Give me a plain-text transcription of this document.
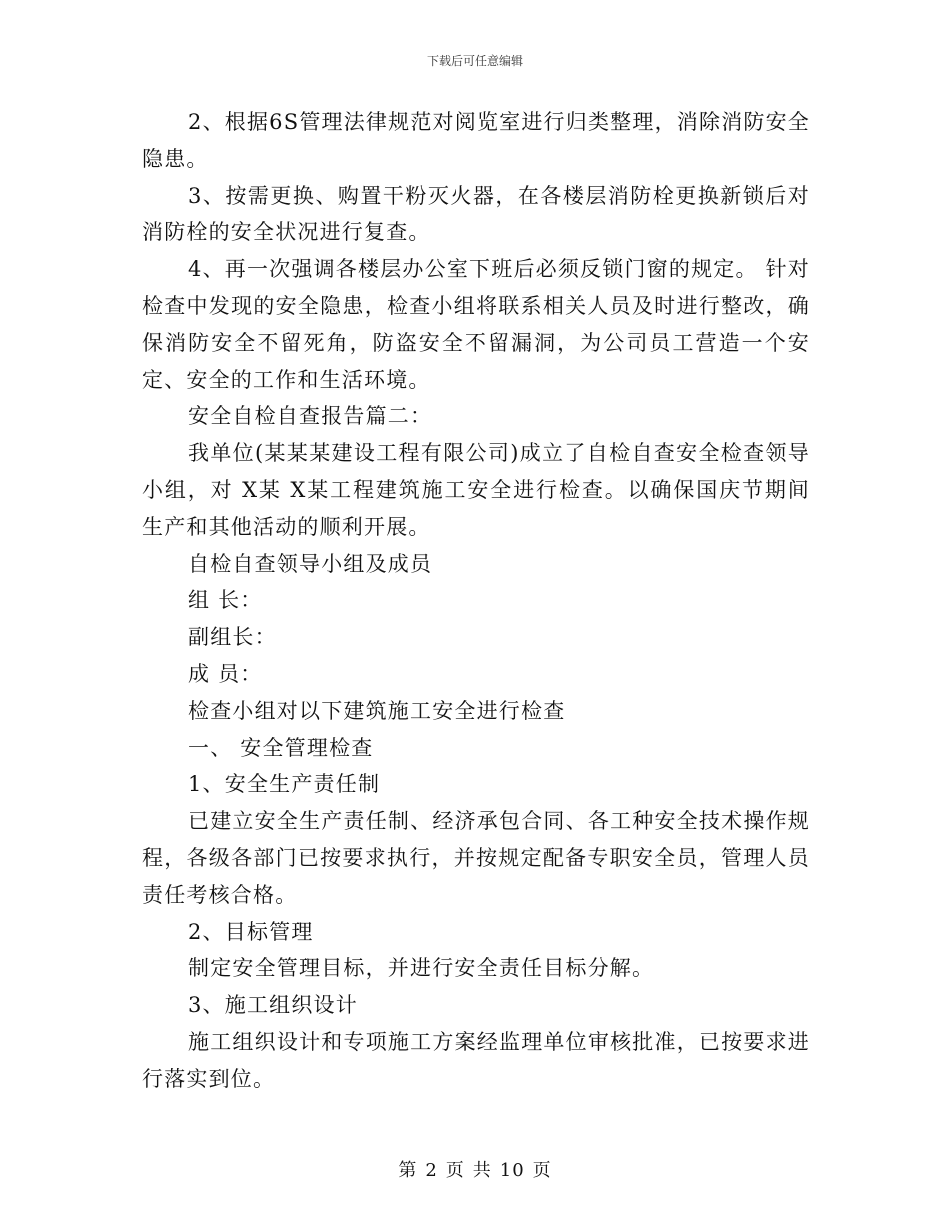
下载后可任意编辑

2、根据6S管理法律规范对阅览室进行归类整理，消除消防安全隐患。

3、按需更换、购置干粉灭火器，在各楼层消防栓更换新锁后对消防栓的安全状况进行复查。

4、再一次强调各楼层办公室下班后必须反锁门窗的规定。 针对检查中发现的安全隐患，检查小组将联系相关人员及时进行整改，确保消防安全不留死角，防盗安全不留漏洞，为公司员工营造一个安定、安全的工作和生活环境。

安全自检自查报告篇二：

我单位(某某某建设工程有限公司)成立了自检自查安全检查领导小组，对 X某 X某工程建筑施工安全进行检查。以确保国庆节期间生产和其他活动的顺利开展。

自检自查领导小组及成员

组 长：

副组长：

成 员：

检查小组对以下建筑施工安全进行检查

一、 安全管理检查

1、安全生产责任制

已建立安全生产责任制、经济承包合同、各工种安全技术操作规程，各级各部门已按要求执行，并按规定配备专职安全员，管理人员责任考核合格。

2、目标管理

制定安全管理目标，并进行安全责任目标分解。

3、施工组织设计

施工组织设计和专项施工方案经监理单位审核批准，已按要求进行落实到位。

第 2 页 共 10 页
